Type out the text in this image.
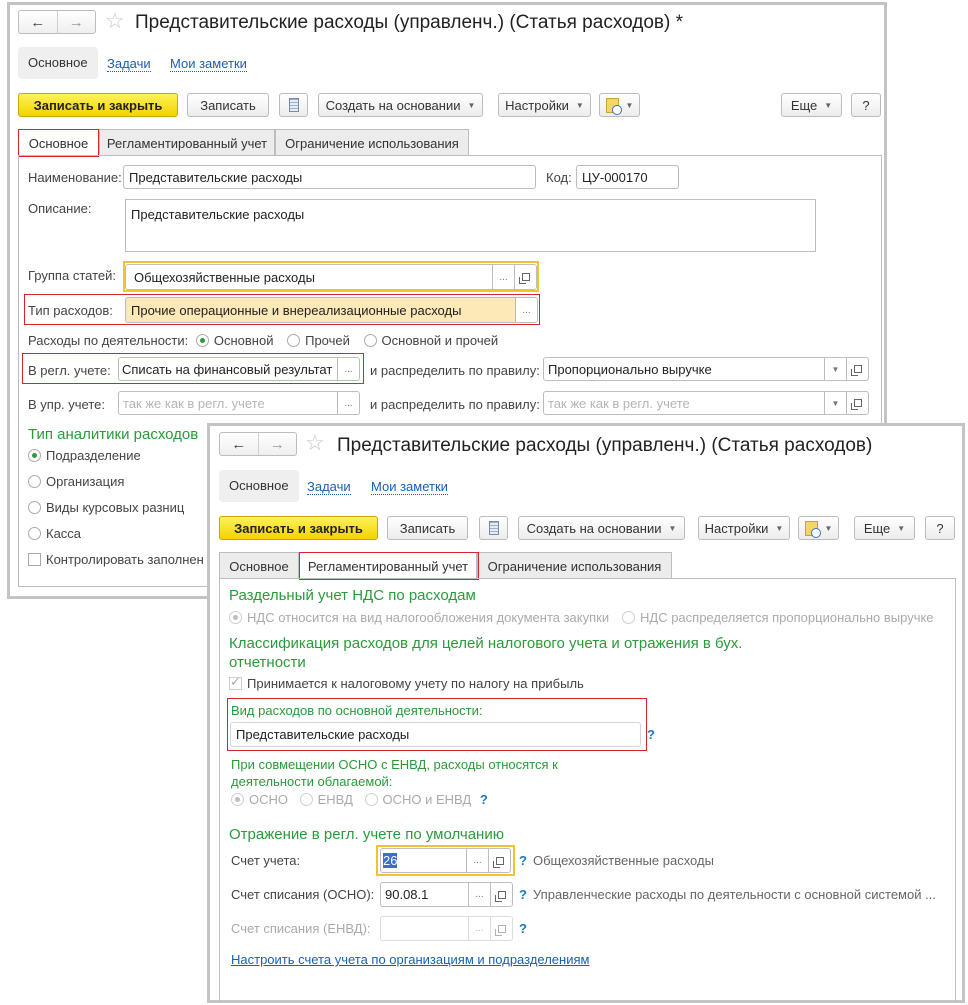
←	→ ☆ Представительские расходы (управленч.) (Статья расходов) *
Основное	Задачи Мои заметки
Записать и закрыть	Записать	Создать на основании ▼ Настройки ▼	▼	Еще ▼ ?
Основное Регламентированный учет Ограничение использования
Наименование: Представительские расходы	Код: ЦУ-000170
Описание:	Представительские расходы
Группа статей: Общехозяйственные расходы	...
Тип расходов: Прочие операционные и внереализационные расходы	...
Расходы по деятельности: Основной Прочей Основной и прочей
В регл. учете: Списать на финансовый результат ... и распределить по правилу: Пропорционально выручке	▼
В упр. учете: так же как в регл. учете	... и распределить по правилу: так же как в регл. учете	▼
Тип аналитики расходов
Подразделение
Организация
Виды курсовых разниц
Касса
Контролировать заполнен
←	→ ☆ Представительские расходы (управленч.) (Статья расходов)
Основное	Задачи Мои заметки
Записать и закрыть	Записать	Создать на основании ▼ Настройки ▼	▼ Еще ▼ ?
Основное Регламентированный учет Ограничение использования
Раздельный учет НДС по расходам
НДС относится на вид налогообложения документа закупки	НДС распределяется пропорционально выручке
Классификация расходов для целей налогового учета и отражения в бух. отчетности
✓Принимается к налоговому учету по налогу на прибыль
Вид расходов по основной деятельности:
Представительские расходы	?
При совмещении ОСНО с ЕНВД, расходы относятся к деятельности облагаемой:
ОСНО ЕНВД ОСНО и ЕНВД ?
Отражение в регл. учете по умолчанию
Счет учета:	26	...	? Общехозяйственные расходы
Счет списания (ОСНО): 90.08.1	...	? Управленческие расходы по деятельности с основной системой ...
Счет списания (ЕНВД):	...	?
Настроить счета учета по организациям и подразделениям
